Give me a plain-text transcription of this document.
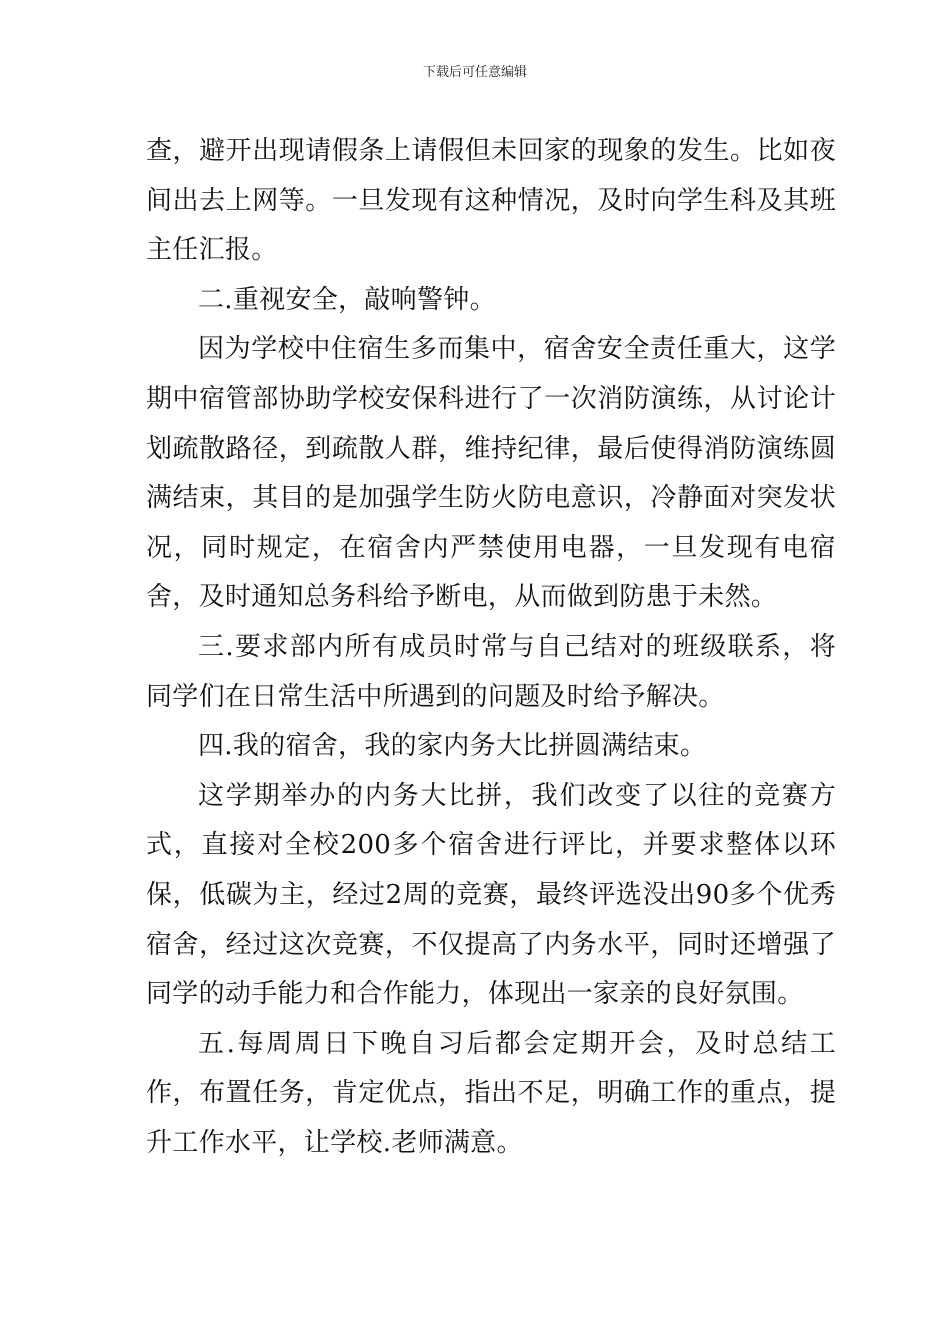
下载后可任意编辑

查，避开出现请假条上请假但未回家的现象的发生。比如夜间出去上网等。一旦发现有这种情况，及时向学生科及其班主任汇报。

二.重视安全，敲响警钟。

因为学校中住宿生多而集中，宿舍安全责任重大，这学期中宿管部协助学校安保科进行了一次消防演练，从讨论计划疏散路径，到疏散人群，维持纪律，最后使得消防演练圆满结束，其目的是加强学生防火防电意识，冷静面对突发状况，同时规定，在宿舍内严禁使用电器，一旦发现有电宿舍，及时通知总务科给予断电，从而做到防患于未然。

三.要求部内所有成员时常与自己结对的班级联系，将同学们在日常生活中所遇到的问题及时给予解决。

四.我的宿舍，我的家内务大比拼圆满结束。

这学期举办的内务大比拼，我们改变了以往的竞赛方式，直接对全校200多个宿舍进行评比，并要求整体以环保，低碳为主，经过2周的竞赛，最终评选没出90多个优秀宿舍，经过这次竞赛，不仅提高了内务水平，同时还增强了同学的动手能力和合作能力，体现出一家亲的良好氛围。

五.每周周日下晚自习后都会定期开会，及时总结工作，布置任务，肯定优点，指出不足，明确工作的重点，提升工作水平，让学校.老师满意。
